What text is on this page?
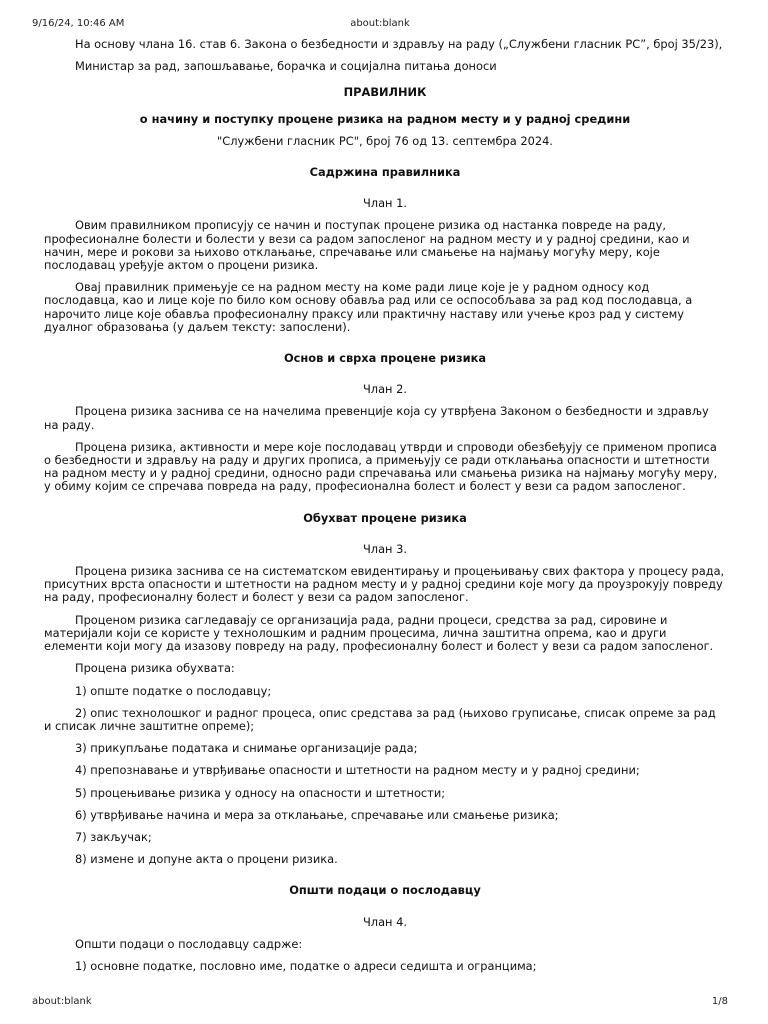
9/16/24, 10:46 AM	about:blank

На основу члана 16. став 6. Закона о безбедности и здрављу на раду („Службени гласник РС”, број 35/23),

Министар за рад, запошљавање, борачка и социјална питања доноси

ПРАВИЛНИК

о начину и поступку процене ризика на радном месту и у радној средини

"Службени гласник РС", број 76 од 13. септембра 2024.

Садржина правилника

Члан 1.

Овим правилником прописују се начин и поступак процене ризика од настанка повреде на раду, професионалне болести и болести у вези са радом запосленог на радном месту и у радној средини, као и начин, мере и рокови за њихово отклањање, спречавање или смањење на најмању могућу меру, које послодавац уређује актом о процени ризика.

Овај правилник примењује се на радном месту на коме ради лице које је у радном односу код послодавца, као и лице које по било ком основу обавља рад или се оспособљава за рад код послодавца, а нарочито лице које обавља професионалну праксу или практичну наставу или учење кроз рад у систему дуалног образовања (у даљем тексту: запослени).

Основ и сврха процене ризика

Члан 2.

Процена ризика заснива се на начелима превенције која су утврђена Законом о безбедности и здрављу на раду.

Процена ризика, активности и мере које послодавац утврди и спроводи обезбеђују се применом прописа о безбедности и здрављу на раду и других прописа, а примењују се ради отклањања опасности и штетности на радном месту и у радној средини, односно ради спречавања или смањења ризика на најмању могућу меру, у обиму којим се спречава повреда на раду, професионална болест и болест у вези са радом запосленог.

Обухват процене ризика

Члан 3.

Процена ризика заснива се на систематском евидентирању и процењивању свих фактора у процесу рада, присутних врста опасности и штетности на радном месту и у радној средини које могу да проузрокују повреду на раду, професионалну болест и болест у вези са радом запосленог.

Проценом ризика сагледавају се организација рада, радни процеси, средства за рад, сировине и материјали који се користе у технолошким и радним процесима, лична заштитна опрема, као и други елементи који могу да изазову повреду на раду, професионалну болест и болест у вези са радом запосленог.

Процена ризика обухвата:

1) опште податке о послодавцу;

2) опис технолошког и радног процеса, опис средстава за рад (њихово груписање, списак опреме за рад и списак личне заштитне опреме);

3) прикупљање података и снимање организације рада;

4) препознавање и утврђивање опасности и штетности на радном месту и у радној средини;

5) процењивање ризика у односу на опасности и штетности;

6) утврђивање начина и мера за отклањање, спречавање или смањење ризика;

7) закључак;

8) измене и допуне акта о процени ризика.

Општи подаци о послодавцу

Члан 4.

Општи подаци о послодавцу садрже:

1) основне податке, пословно име, податке о адреси седишта и огранцима;

about:blank	1/8
